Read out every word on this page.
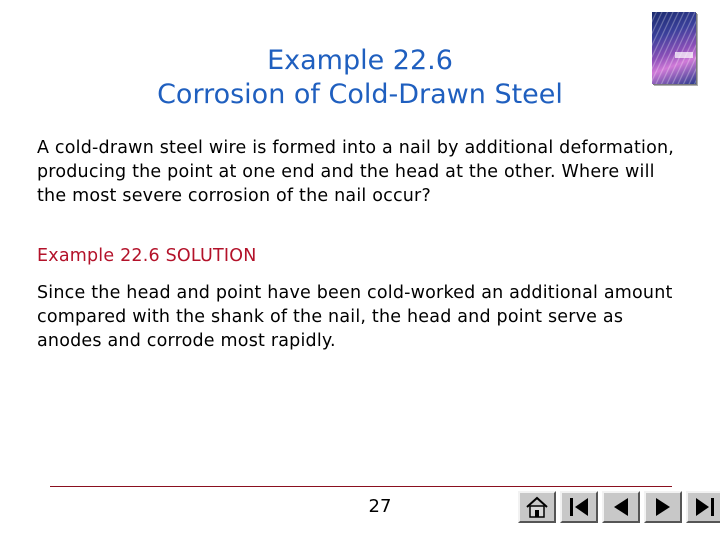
Example 22.6
Corrosion of Cold-Drawn Steel
A cold-drawn steel wire is formed into a nail by additional deformation, producing the point at one end and the head at the other. Where will the most severe corrosion of the nail occur?
Example 22.6 SOLUTION
Since the head and point have been cold-worked an additional amount compared with the shank of the nail, the head and point serve as anodes and corrode most rapidly.
27
